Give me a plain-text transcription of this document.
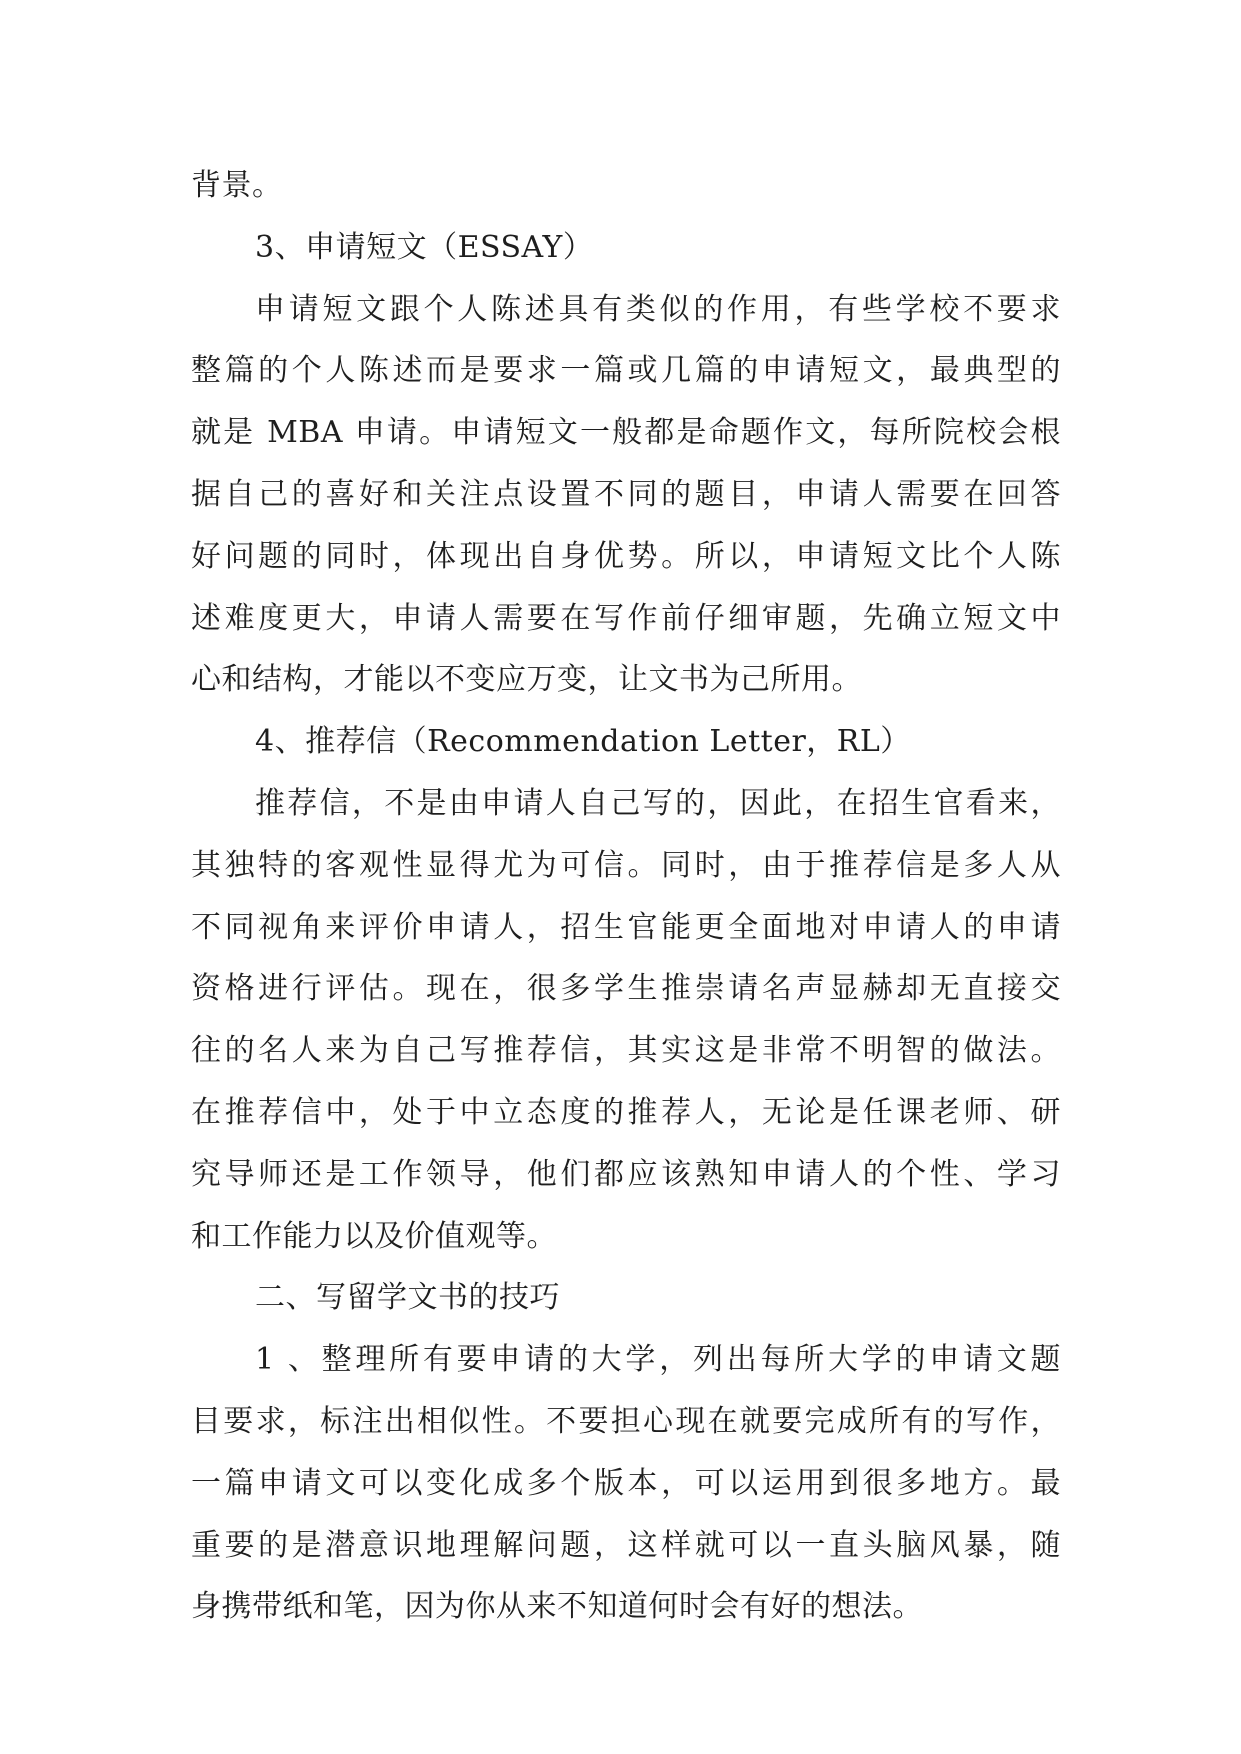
背景。
3、申请短文（ESSAY）
申请短文跟个人陈述具有类似的作用，有些学校不要求
整篇的个人陈述而是要求一篇或几篇的申请短文，最典型的
就是 MBA 申请。申请短文一般都是命题作文，每所院校会根
据自己的喜好和关注点设置不同的题目，申请人需要在回答
好问题的同时，体现出自身优势。所以，申请短文比个人陈
述难度更大，申请人需要在写作前仔细审题，先确立短文中
心和结构，才能以不变应万变，让文书为己所用。
4、推荐信（Recommendation Letter，RL）
推荐信，不是由申请人自己写的，因此，在招生官看来，
其独特的客观性显得尤为可信。同时，由于推荐信是多人从
不同视角来评价申请人，招生官能更全面地对申请人的申请
资格进行评估。现在，很多学生推崇请名声显赫却无直接交
往的名人来为自己写推荐信，其实这是非常不明智的做法。
在推荐信中，处于中立态度的推荐人，无论是任课老师、研
究导师还是工作领导，他们都应该熟知申请人的个性、学习
和工作能力以及价值观等。
二、写留学文书的技巧
1 、整理所有要申请的大学，列出每所大学的申请文题
目要求，标注出相似性。不要担心现在就要完成所有的写作，
一篇申请文可以变化成多个版本，可以运用到很多地方。最
重要的是潜意识地理解问题，这样就可以一直头脑风暴，随
身携带纸和笔，因为你从来不知道何时会有好的想法。
